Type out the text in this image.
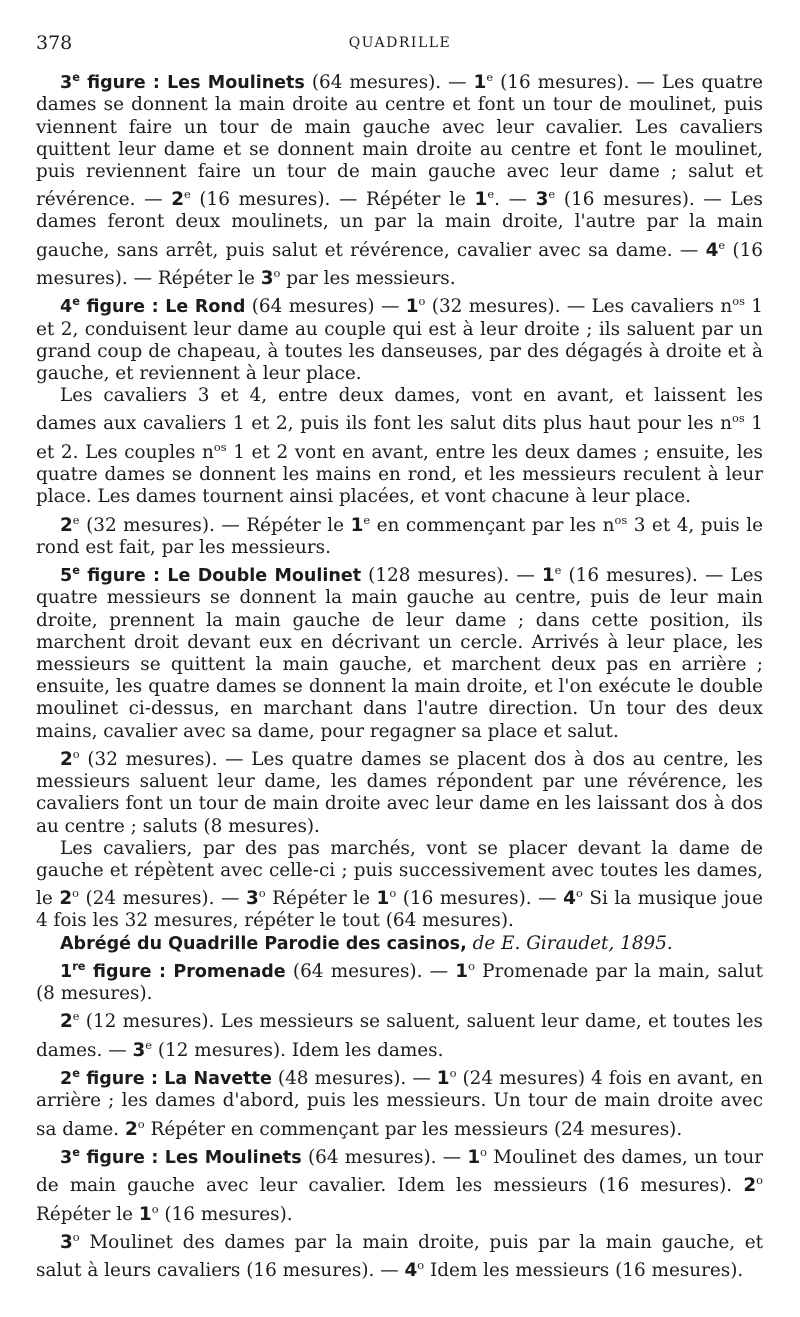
378	QUADRILLE

3e figure : Les Moulinets (64 mesures). — 1e (16 mesures). — Les quatre dames se donnent la main droite au centre et font un tour de moulinet, puis viennent faire un tour de main gauche avec leur cavalier. Les cavaliers quittent leur dame et se donnent main droite au centre et font le moulinet, puis reviennent faire un tour de main gauche avec leur dame ; salut et révérence. — 2e (16 mesures). — Répéter le 1e. — 3e (16 mesures). — Les dames feront deux moulinets, un par la main droite, l'autre par la main gauche, sans arrêt, puis salut et révérence, cavalier avec sa dame. — 4e (16 mesures). — Répéter le 3$^o$ par les messieurs.

4e figure : Le Rond (64 mesures) — 1$^o$ (32 mesures). — Les cavaliers $n^{os}$ 1 et 2, conduisent leur dame au couple qui est à leur droite ; ils saluent par un grand coup de chapeau, à toutes les danseuses, par des dégagés à droite et à gauche, et reviennent à leur place.

Les cavaliers 3 et 4, entre deux dames, vont en avant, et laissent les dames aux cavaliers 1 et 2, puis ils font les salut dits plus haut pour les $n^{os}$ 1 et 2. Les couples $n^{os}$ 1 et 2 vont en avant, entre les deux dames ; ensuite, les quatre dames se donnent les mains en rond, et les messieurs reculent à leur place. Les dames tournent ainsi placées, et vont chacune à leur place.

2e (32 mesures). — Répéter le 1e en commençant par les $n^{os}$ 3 et 4, puis le rond est fait, par les messieurs.

5e figure : Le Double Moulinet (128 mesures). — 1e (16 mesures). — Les quatre messieurs se donnent la main gauche au centre, puis de leur main droite, prennent la main gauche de leur dame ; dans cette position, ils marchent droit devant eux en décrivant un cercle. Arrivés à leur place, les messieurs se quittent la main gauche, et marchent deux pas en arrière ; ensuite, les quatre dames se donnent la main droite, et l'on exécute le double moulinet ci-dessus, en marchant dans l'autre direction. Un tour des deux mains, cavalier avec sa dame, pour regagner sa place et salut.

2$^o$ (32 mesures). — Les quatre dames se placent dos à dos au centre, les messieurs saluent leur dame, les dames répondent par une révérence, les cavaliers font un tour de main droite avec leur dame en les laissant dos à dos au centre ; saluts (8 mesures).

Les cavaliers, par des pas marchés, vont se placer devant la dame de gauche et répètent avec celle-ci ; puis successivement avec toutes les dames, le 2$^o$ (24 mesures). — 3$^o$ Répéter le 1$^o$ (16 mesures). — 4$^o$ Si la musique joue 4 fois les 32 mesures, répéter le tout (64 mesures).

Abrégé du Quadrille Parodie des casinos, de E. Giraudet, 1895.

1re figure : Promenade (64 mesures). — 1$^o$ Promenade par la main, salut (8 mesures).

2e (12 mesures). Les messieurs se saluent, saluent leur dame, et toutes les dames. — 3e (12 mesures). Idem les dames.

2e figure : La Navette (48 mesures). — 1$^o$ (24 mesures) 4 fois en avant, en arrière ; les dames d'abord, puis les messieurs. Un tour de main droite avec sa dame. 2$^o$ Répéter en commençant par les messieurs (24 mesures).

3e figure : Les Moulinets (64 mesures). — 1$^o$ Moulinet des dames, un tour de main gauche avec leur cavalier. Idem les messieurs (16 mesures). 2$^o$ Répéter le 1$^o$ (16 mesures).

3$^o$ Moulinet des dames par la main droite, puis par la main gauche, et salut à leurs cavaliers (16 mesures). — 4$^o$ Idem les messieurs (16 mesures).
